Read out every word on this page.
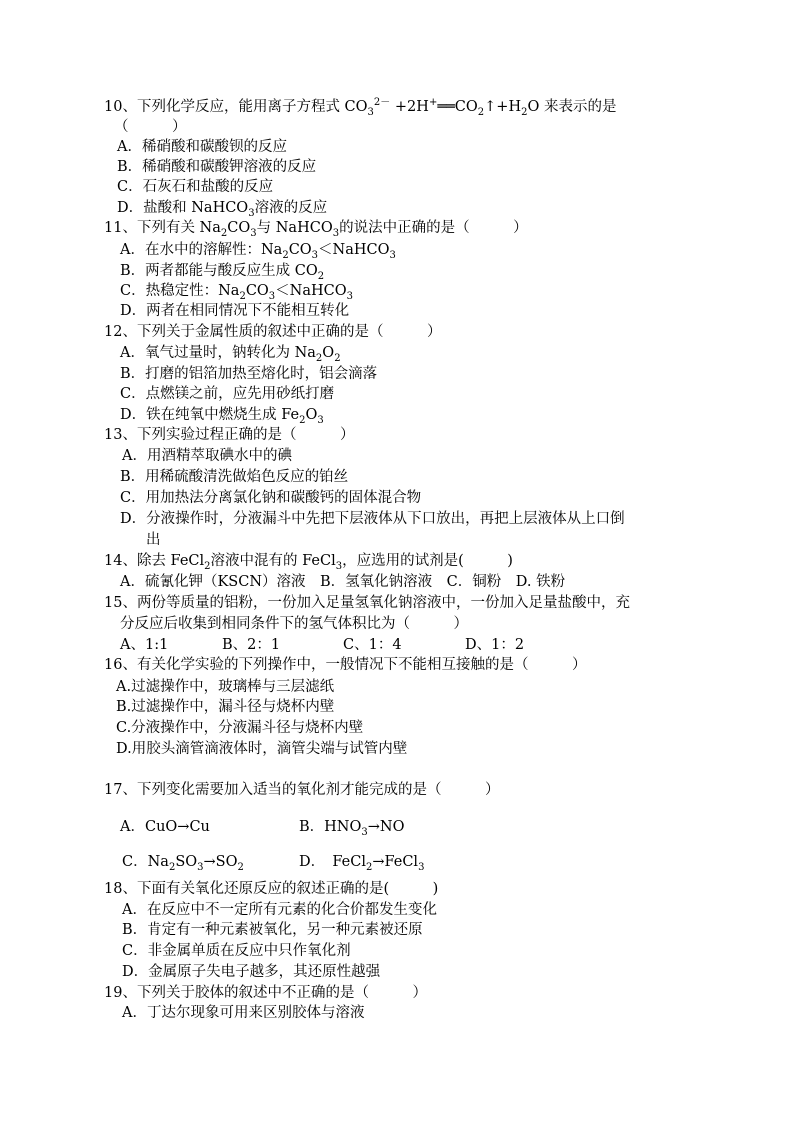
10、下列化学反应，能用离子方程式 $CO_3^{2-}$ $+2H^+══CO_2↑+H_2O$ 来表示的是
（　　　）
A．稀硝酸和碳酸钡的反应
B．稀硝酸和碳酸钾溶液的反应
C．石灰石和盐酸的反应
D．盐酸和 NaHCO$_3$溶液的反应
11、下列有关 $Na_2CO_3$与 NaHCO$_3$的说法中正确的是（　　　）
A．在水中的溶解性：$Na_2CO_3<NaHCO_3$
B．两者都能与酸反应生成 $CO_2$
C．热稳定性：$Na_2CO_3<NaHCO_3$
D．两者在相同情况下不能相互转化
12、下列关于金属性质的叙述中正确的是（　　　）
A．氧气过量时，钠转化为 $Na_2O_2$
B．打磨的铝箔加热至熔化时，铝会滴落
C．点燃镁之前，应先用砂纸打磨
D．铁在纯氧中燃烧生成 $Fe_2O_3$
13、下列实验过程正确的是（　　　）
A．用酒精萃取碘水中的碘
B．用稀硫酸清洗做焰色反应的铂丝
C．用加热法分离氯化钠和碳酸钙的固体混合物
D．分液操作时，分液漏斗中先把下层液体从下口放出，再把上层液体从上口倒
出
14、除去 FeCl$_2$溶液中混有的 FeCl$_3$，应选用的试剂是(　　　)
A．硫氰化钾（KSCN）溶液　B．氢氧化钠溶液　C．铜粉　D. 铁粉
15、两份等质量的铝粉，一份加入足量氢氧化钠溶液中，一份加入足量盐酸中，充
分反应后收集到相同条件下的氢气体积比为（　　　）
A、1:1	B、2：1	C、1：4	D、1：2
16、有关化学实验的下列操作中，一般情况下不能相互接触的是（　　　）
A.过滤操作中，玻璃棒与三层滤纸
B.过滤操作中，漏斗径与烧杯内壁
C.分液操作中，分液漏斗径与烧杯内壁
D.用胶头滴管滴液体时，滴管尖端与试管内壁
17、下列变化需要加入适当的氧化剂才能完成的是（　　　）
A．CuO→Cu	B．$HNO_3\to NO$
C．$Na_2SO_3\to SO_2$	D．　FeCl$_2$→FeCl$_3$
18、下面有关氧化还原反应的叙述正确的是(　　　)
A．在反应中不一定所有元素的化合价都发生变化
B．肯定有一种元素被氧化，另一种元素被还原
C．非金属单质在反应中只作氧化剂
D．金属原子失电子越多，其还原性越强
19、下列关于胶体的叙述中不正确的是（　　　）
A．丁达尔现象可用来区别胶体与溶液
